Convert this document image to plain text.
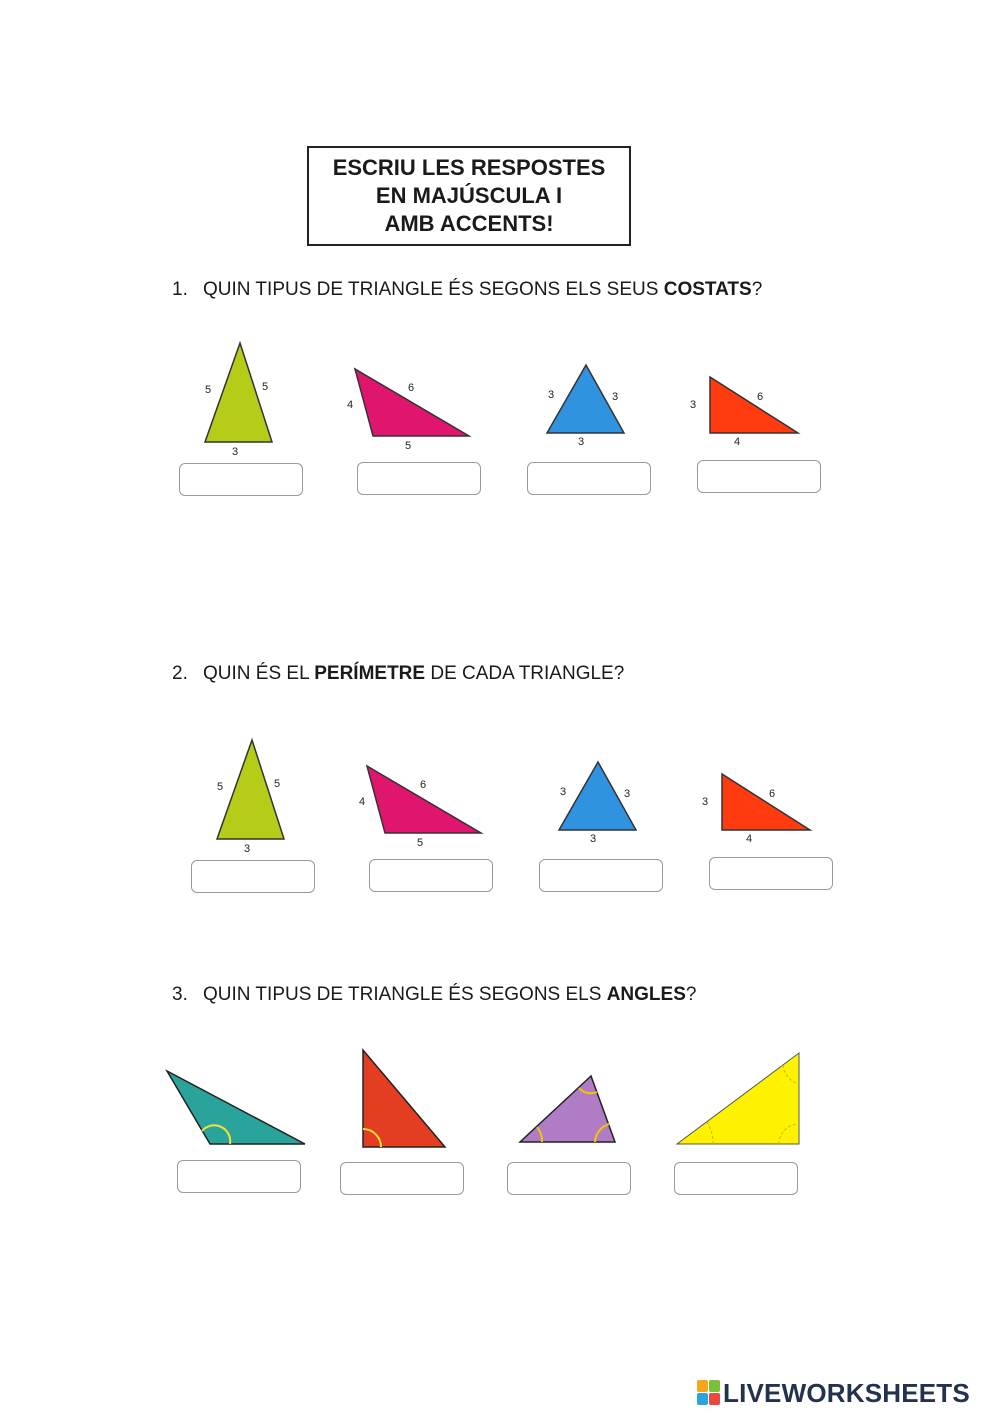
ESCRIU LES RESPOSTES
EN MAJÚSCULA I
AMB ACCENTS!
1. QUIN TIPUS DE TRIANGLE ÉS SEGONS ELS SEUS COSTATS?
5	5
3
6
4
5
3	3
3
6
3
4
2. QUIN ÉS EL PERÍMETRE DE CADA TRIANGLE?
5	5
3
6
4
5
3	3
3
6
3
4
3. QUIN TIPUS DE TRIANGLE ÉS SEGONS ELS ANGLES?
LIVEWORKSHEETS
